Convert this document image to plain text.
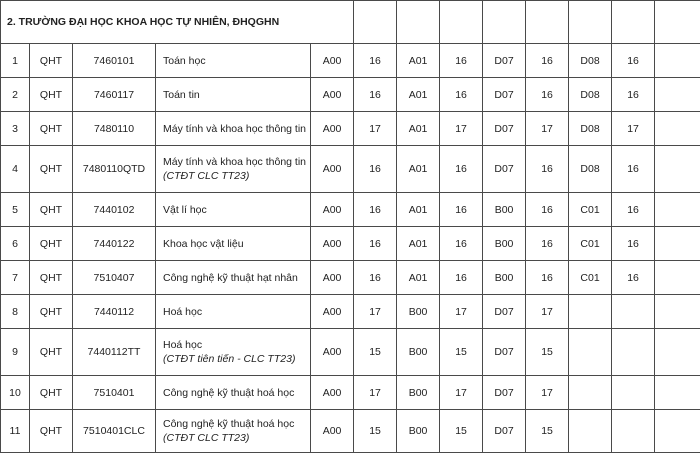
2. TRƯỜNG ĐẠI HỌC KHOA HỌC TỰ NHIÊN, ĐHQGHN												
1	QHT	7460101	Toán học	A00	16	A01	16	D07	16	D08	16	
2	QHT	7460117	Toán tin	A00	16	A01	16	D07	16	D08	16	
3	QHT	7480110	Máy tính và khoa học thông tin	A00	17	A01	17	D07	17	D08	17	
4	QHT	7480110QTD	Máy tính và khoa học thông tin
(CTĐT CLC TT23)	A00	16	A01	16	D07	16	D08	16	
5	QHT	7440102	Vật lí học	A00	16	A01	16	B00	16	C01	16	
6	QHT	7440122	Khoa học vật liệu	A00	16	A01	16	B00	16	C01	16	
7	QHT	7510407	Công nghệ kỹ thuật hạt nhân	A00	16	A01	16	B00	16	C01	16	
8	QHT	7440112	Hoá học	A00	17	B00	17	D07	17			
9	QHT	7440112TT	Hoá học
(CTĐT tiên tiến - CLC TT23)	A00	15	B00	15	D07	15			
10	QHT	7510401	Công nghệ kỹ thuật hoá học	A00	17	B00	17	D07	17			
11	QHT	7510401CLC	Công nghệ kỹ thuật hoá học
(CTĐT CLC TT23)	A00	15	B00	15	D07	15			
